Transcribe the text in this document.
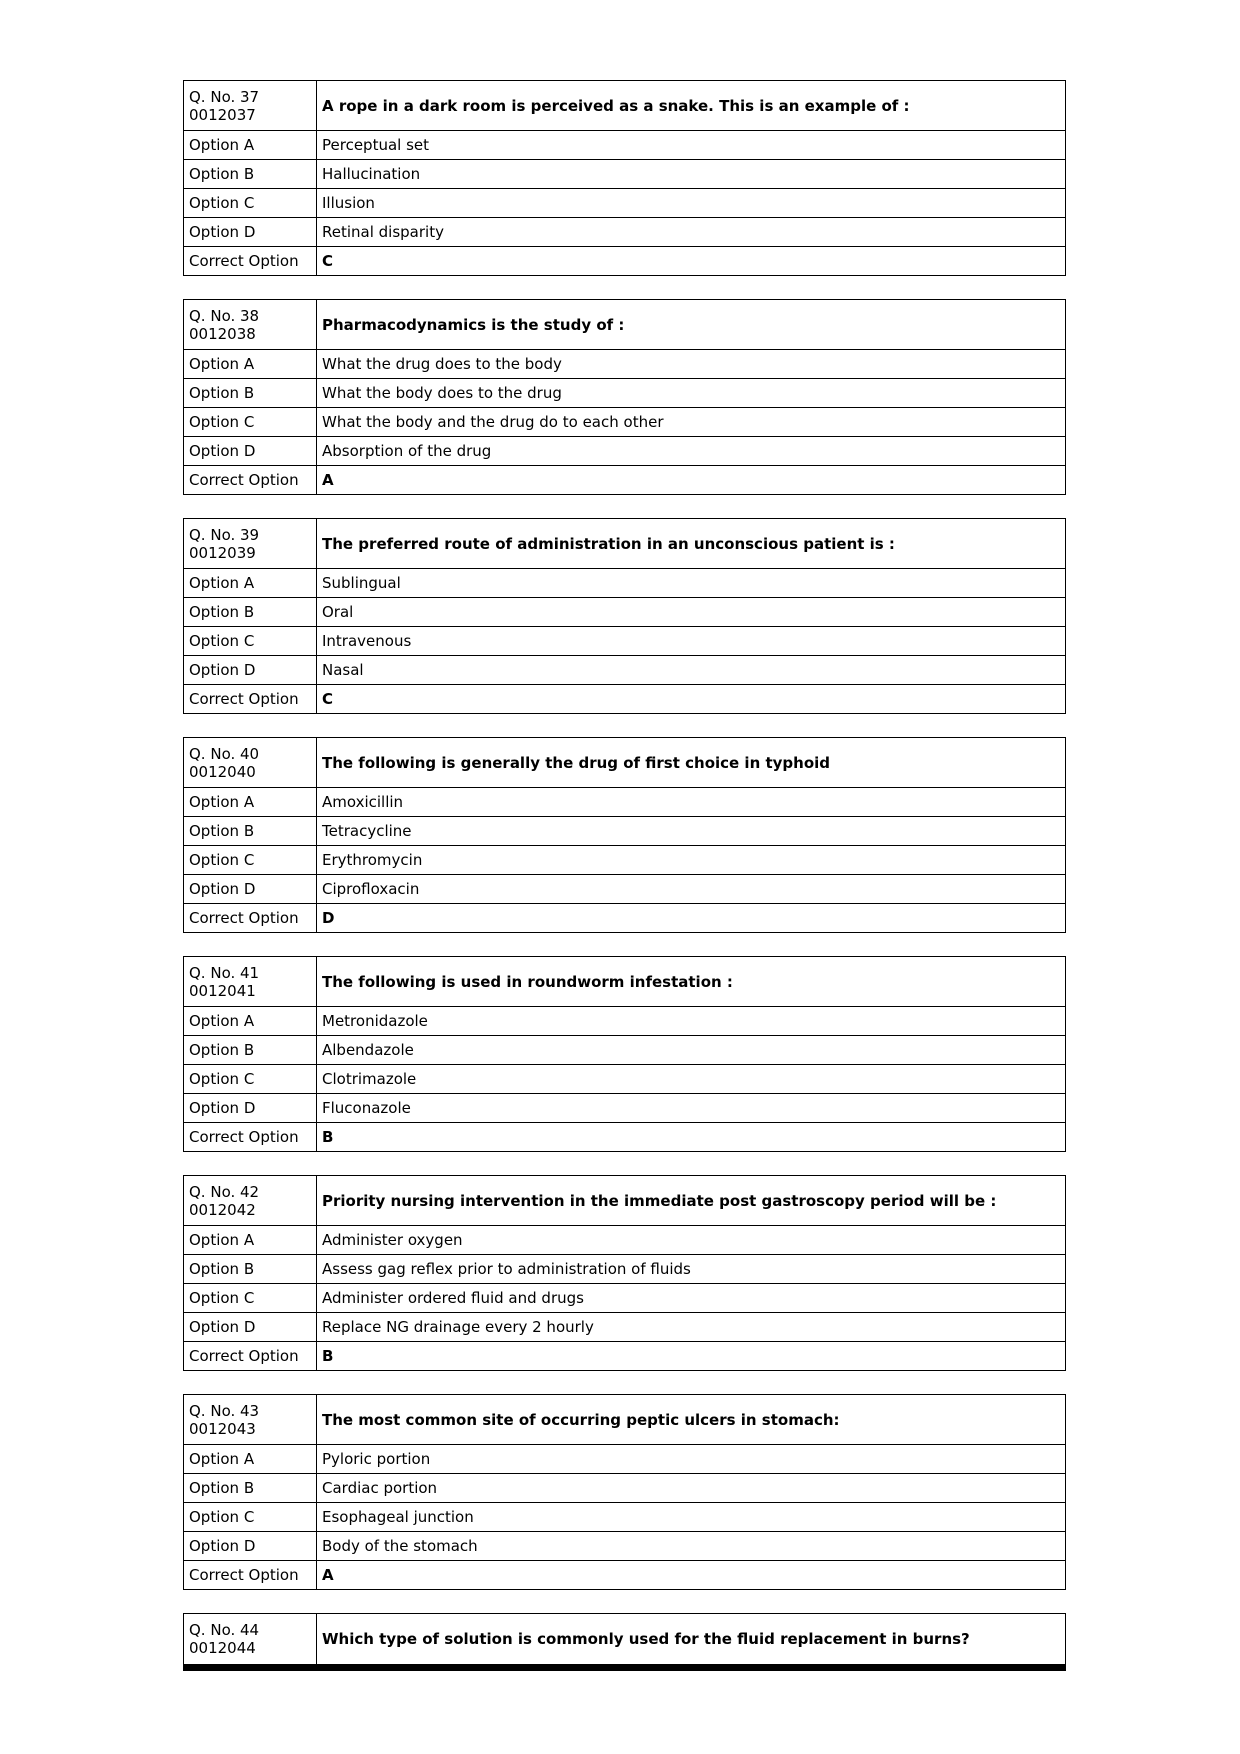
Q. No. 37
0012037	A rope in a dark room is perceived as a snake. This is an example of :
Option A	Perceptual set
Option B	Hallucination
Option C	Illusion
Option D	Retinal disparity
Correct Option	C
Q. No. 38
0012038	Pharmacodynamics is the study of :
Option A	What the drug does to the body
Option B	What the body does to the drug
Option C	What the body and the drug do to each other
Option D	Absorption of the drug
Correct Option	A
Q. No. 39
0012039	The preferred route of administration in an unconscious patient is :
Option A	Sublingual
Option B	Oral
Option C	Intravenous
Option D	Nasal
Correct Option	C
Q. No. 40
0012040	The following is generally the drug of first choice in typhoid
Option A	Amoxicillin
Option B	Tetracycline
Option C	Erythromycin
Option D	Ciprofloxacin
Correct Option	D
Q. No. 41
0012041	The following is used in roundworm infestation :
Option A	Metronidazole
Option B	Albendazole
Option C	Clotrimazole
Option D	Fluconazole
Correct Option	B
Q. No. 42
0012042	Priority nursing intervention in the immediate post gastroscopy period will be :
Option A	Administer oxygen
Option B	Assess gag reflex prior to administration of fluids
Option C	Administer ordered fluid and drugs
Option D	Replace NG drainage every 2 hourly
Correct Option	B
Q. No. 43
0012043	The most common site of occurring peptic ulcers in stomach:
Option A	Pyloric portion
Option B	Cardiac portion
Option C	Esophageal junction
Option D	Body of the stomach
Correct Option	A
Q. No. 44
0012044	Which type of solution is commonly used for the fluid replacement in burns?
